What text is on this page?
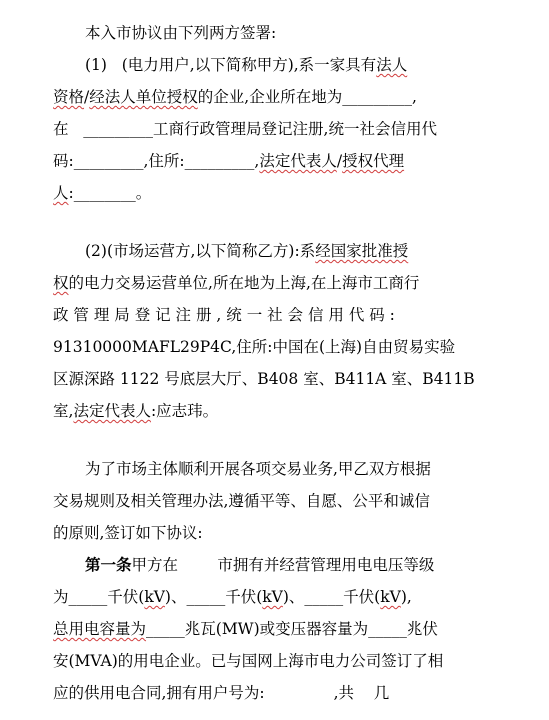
本入市协议由下列两方签署:
(1)   (电力用户,以下简称甲方),系一家具有法人
资格/经法人单位授权的企业,企业所在地为_________,
在   _________工商行政管理局登记注册,统一社会信用代
码:_________,住所:_________,法定代表人/授权代理
人:________。
(2)(市场运营方,以下简称乙方):系经国家批准授
权的电力交易运营单位,所在地为上海,在上海市工商行
政 管 理 局 登 记 注 册 , 统 一 社 会 信 用 代 码 :
91310000MAFL29P4C,住所:中国在(上海)自由贸易实验
区源深路 1122 号底层大厅、B408 室、B411A 室、B411B
室,法定代表人:应志玮。
为了市场主体顺利开展各项交易业务,甲乙双方根据
交易规则及相关管理办法,遵循平等、自愿、公平和诚信
的原则,签订如下协议:
第一条甲方在        市拥有并经营管理用电电压等级
为_____千伏(kV)、_____千伏(kV)、_____千伏(kV),
总用电容量为_____兆瓦(MW)或变压器容量为_____兆伏
安(MVA)的用电企业。已与国网上海市电力公司签订了相
应的供用电合同,拥有用户号为:              ,共    几
